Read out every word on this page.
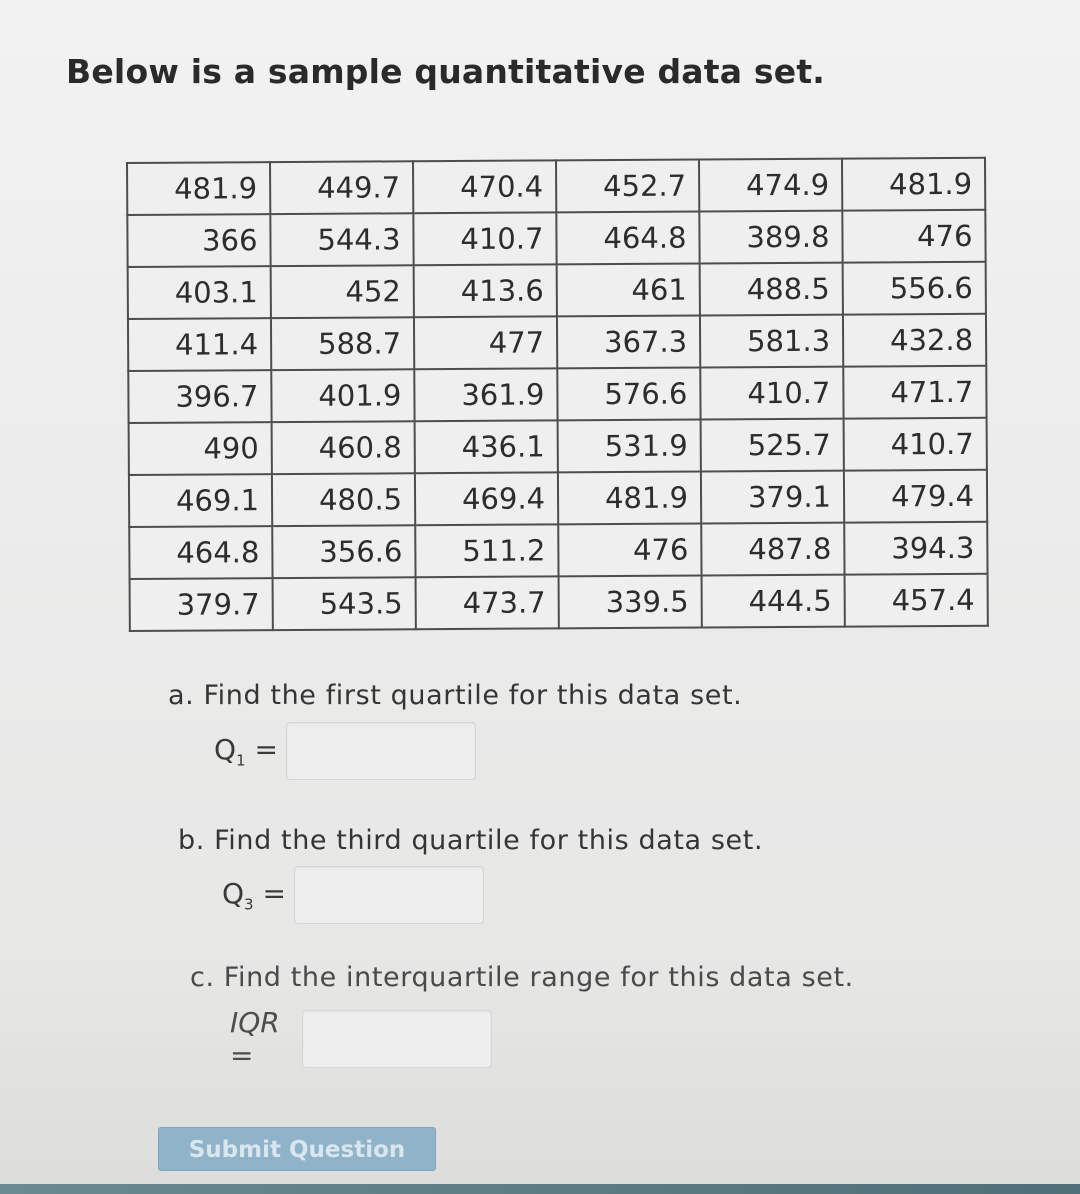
Below is a sample quantitative data set.
481.9	449.7	470.4	452.7	474.9	481.9
366	544.3	410.7	464.8	389.8	476
403.1	452	413.6	461	488.5	556.6
411.4	588.7	477	367.3	581.3	432.8
396.7	401.9	361.9	576.6	410.7	471.7
490	460.8	436.1	531.9	525.7	410.7
469.1	480.5	469.4	481.9	379.1	479.4
464.8	356.6	511.2	476	487.8	394.3
379.7	543.5	473.7	339.5	444.5	457.4
a. Find the first quartile for this data set.
$Q_1$ =
b. Find the third quartile for this data set.
$Q_3$ =
c. Find the interquartile range for this data set.
IQR =
Submit Question
